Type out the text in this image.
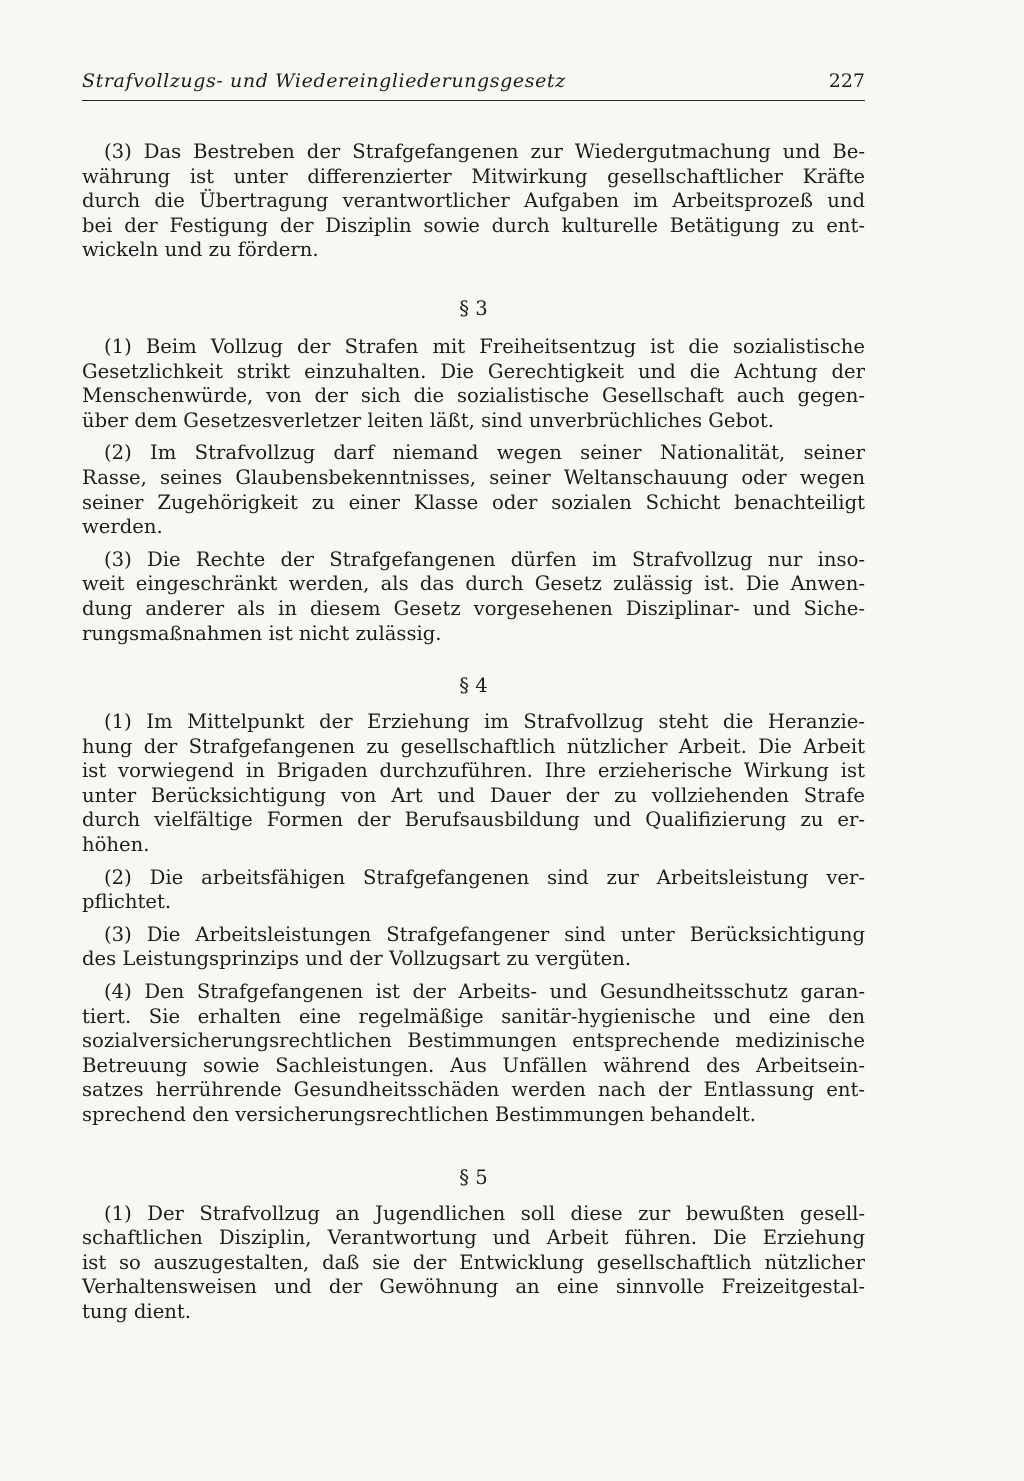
Strafvollzugs- und Wiedereingliederungsgesetz	227
(3) Das Bestreben der Strafgefangenen zur Wiedergutmachung und Be-
währung ist unter differenzierter Mitwirkung gesellschaftlicher Kräfte
durch die Übertragung verantwortlicher Aufgaben im Arbeitsprozeß und
bei der Festigung der Disziplin sowie durch kulturelle Betätigung zu ent-
wickeln und zu fördern.
§ 3
(1) Beim Vollzug der Strafen mit Freiheitsentzug ist die sozialistische
Gesetzlichkeit strikt einzuhalten. Die Gerechtigkeit und die Achtung der
Menschenwürde, von der sich die sozialistische Gesellschaft auch gegen-
über dem Gesetzesverletzer leiten läßt, sind unverbrüchliches Gebot.
(2) Im Strafvollzug darf niemand wegen seiner Nationalität, seiner
Rasse, seines Glaubensbekenntnisses, seiner Weltanschauung oder wegen
seiner Zugehörigkeit zu einer Klasse oder sozialen Schicht benachteiligt
werden.
(3) Die Rechte der Strafgefangenen dürfen im Strafvollzug nur inso-
weit eingeschränkt werden, als das durch Gesetz zulässig ist. Die Anwen-
dung anderer als in diesem Gesetz vorgesehenen Disziplinar- und Siche-
rungsmaßnahmen ist nicht zulässig.
§ 4
(1) Im Mittelpunkt der Erziehung im Strafvollzug steht die Heranzie-
hung der Strafgefangenen zu gesellschaftlich nützlicher Arbeit. Die Arbeit
ist vorwiegend in Brigaden durchzuführen. Ihre erzieherische Wirkung ist
unter Berücksichtigung von Art und Dauer der zu vollziehenden Strafe
durch vielfältige Formen der Berufsausbildung und Qualifizierung zu er-
höhen.
(2) Die arbeitsfähigen Strafgefangenen sind zur Arbeitsleistung ver-
pflichtet.
(3) Die Arbeitsleistungen Strafgefangener sind unter Berücksichtigung
des Leistungsprinzips und der Vollzugsart zu vergüten.
(4) Den Strafgefangenen ist der Arbeits- und Gesundheitsschutz garan-
tiert. Sie erhalten eine regelmäßige sanitär-hygienische und eine den
sozialversicherungsrechtlichen Bestimmungen entsprechende medizinische
Betreuung sowie Sachleistungen. Aus Unfällen während des Arbeitsein-
satzes herrührende Gesundheitsschäden werden nach der Entlassung ent-
sprechend den versicherungsrechtlichen Bestimmungen behandelt.
§ 5
(1) Der Strafvollzug an Jugendlichen soll diese zur bewußten gesell-
schaftlichen Disziplin, Verantwortung und Arbeit führen. Die Erziehung
ist so auszugestalten, daß sie der Entwicklung gesellschaftlich nützlicher
Verhaltensweisen und der Gewöhnung an eine sinnvolle Freizeitgestal-
tung dient.
